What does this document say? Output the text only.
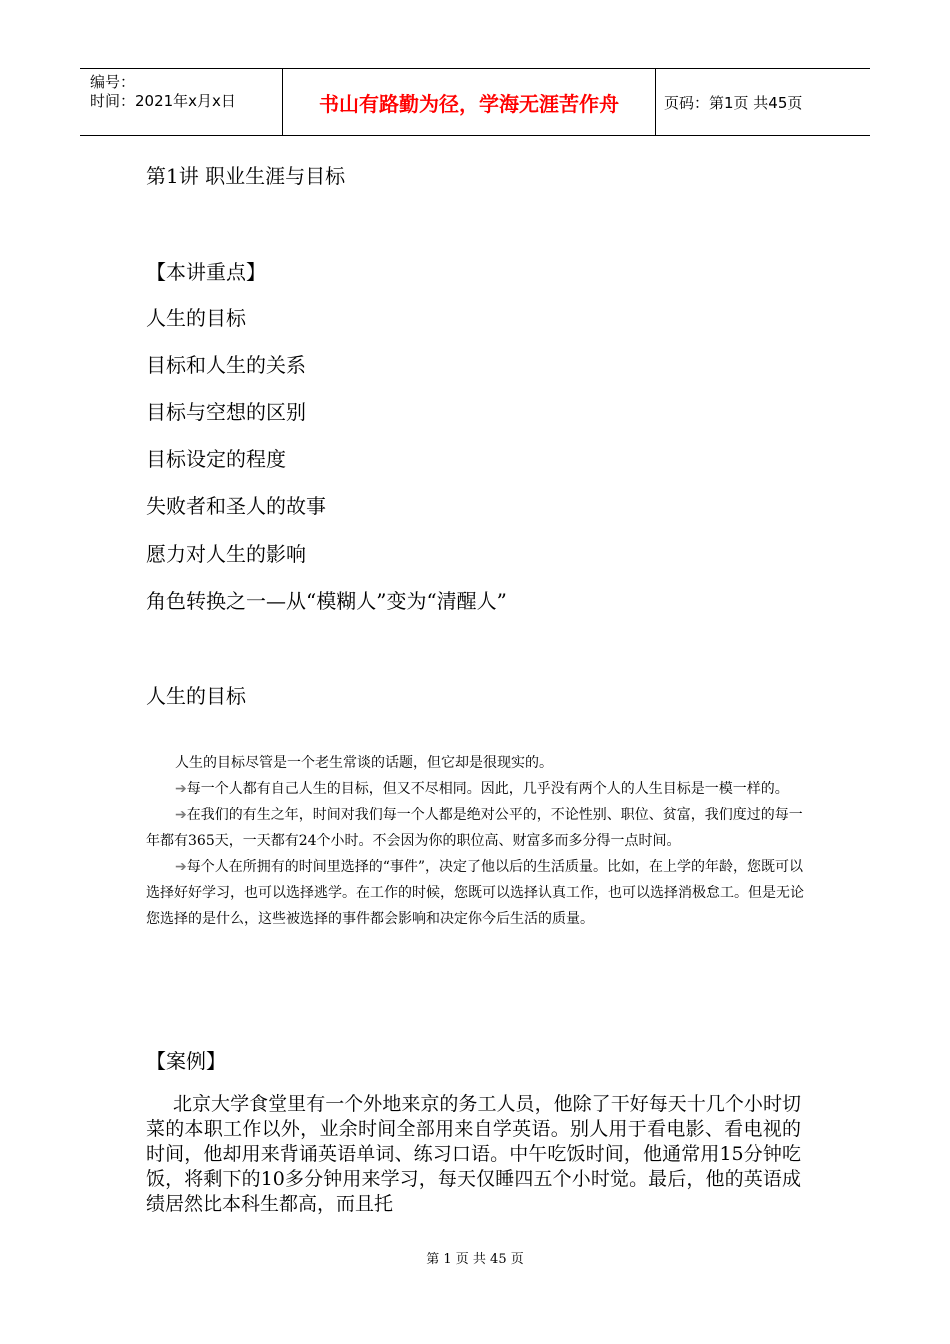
编号：
时间：2021年x月x日	书山有路勤为径，学海无涯苦作舟	页码：第1页 共45页
第1讲 职业生涯与目标
【本讲重点】
人生的目标
目标和人生的关系
目标与空想的区别
目标设定的程度
失败者和圣人的故事
愿力对人生的影响
角色转换之一—从“模糊人”变为“清醒人”
人生的目标

人生的目标尽管是一个老生常谈的话题，但它却是很现实的。

➔每一个人都有自己人生的目标，但又不尽相同。因此，几乎没有两个人的人生目标是一模一样的。

➔在我们的有生之年，时间对我们每一个人都是绝对公平的，不论性别、职位、贫富，我们度过的每一年都有365天，一天都有24个小时。不会因为你的职位高、财富多而多分得一点时间。

➔每个人在所拥有的时间里选择的“事件”，决定了他以后的生活质量。比如，在上学的年龄，您既可以选择好好学习，也可以选择逃学。在工作的时候，您既可以选择认真工作，也可以选择消极怠工。但是无论您选择的是什么，这些被选择的事件都会影响和决定你今后生活的质量。

【案例】

北京大学食堂里有一个外地来京的务工人员，他除了干好每天十几个小时切菜的本职工作以外，业余时间全部用来自学英语。别人用于看电影、看电视的时间，他却用来背诵英语单词、练习口语。中午吃饭时间，他通常用15分钟吃饭，将剩下的10多分钟用来学习，每天仅睡四五个小时觉。最后，他的英语成绩居然比本科生都高，而且托

第 1 页 共 45 页
